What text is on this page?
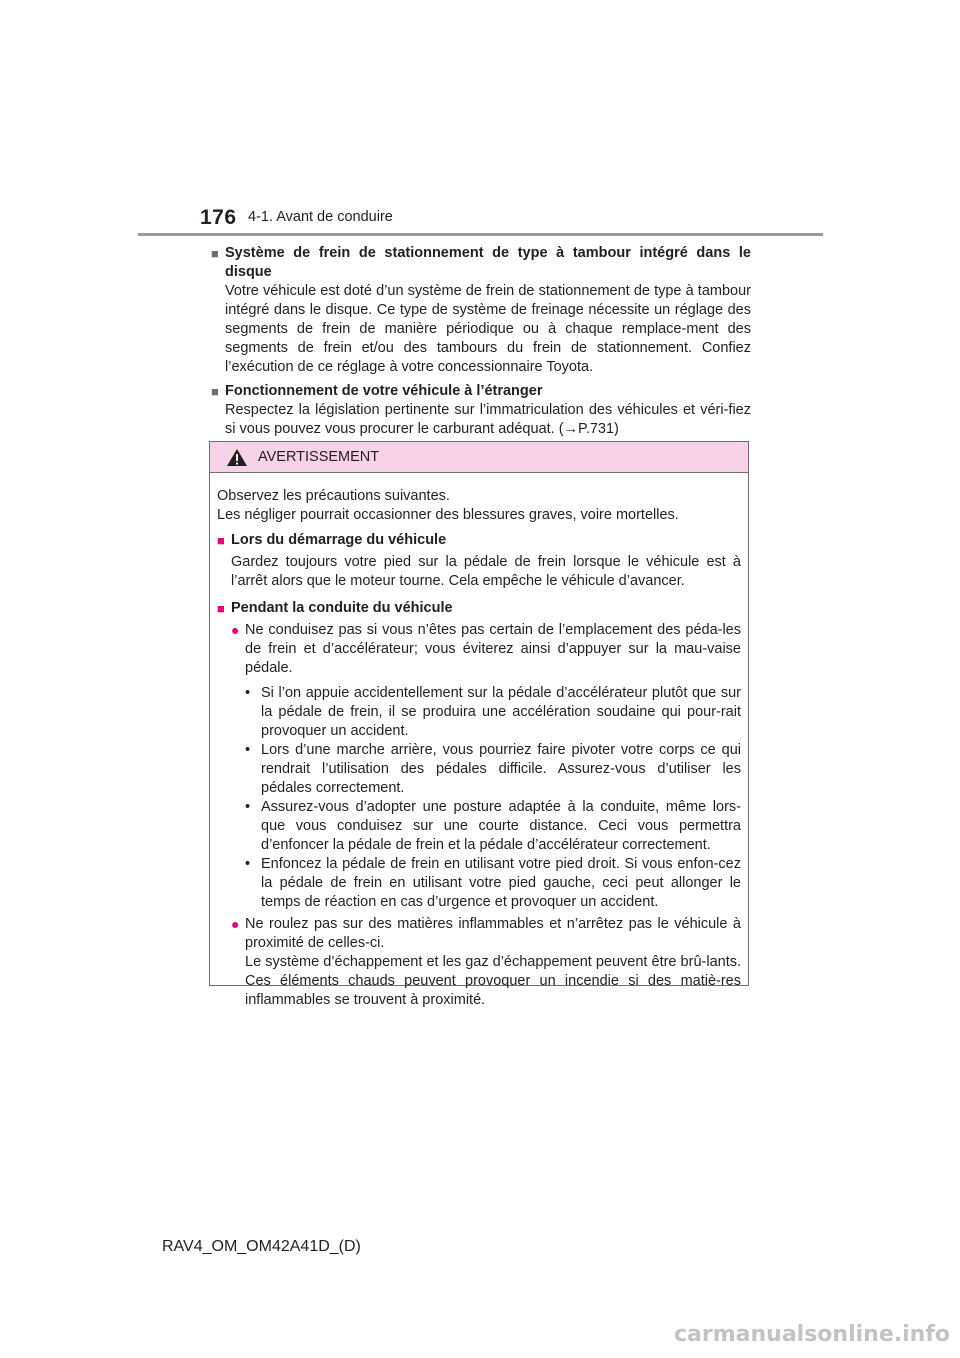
176 4-1. Avant de conduire
■ Système de frein de stationnement de type à tambour intégré dans le disque
Votre véhicule est doté d’un système de frein de stationnement de type à tambour intégré dans le disque. Ce type de système de freinage nécessite un réglage des segments de frein de manière périodique ou à chaque remplace-ment des segments de frein et/ou des tambours du frein de stationnement. Confiez l’exécution de ce réglage à votre concessionnaire Toyota.
■ Fonctionnement de votre véhicule à l’étranger
Respectez la législation pertinente sur l’immatriculation des véhicules et véri-fiez si vous pouvez vous procurer le carburant adéquat. (→P.731)
AVERTISSEMENT
Observez les précautions suivantes.
Les négliger pourrait occasionner des blessures graves, voire mortelles.
■ Lors du démarrage du véhicule
Gardez toujours votre pied sur la pédale de frein lorsque le véhicule est à l’arrêt alors que le moteur tourne. Cela empêche le véhicule d’avancer.
■ Pendant la conduite du véhicule
● Ne conduisez pas si vous n’êtes pas certain de l’emplacement des péda-les de frein et d’accélérateur; vous éviterez ainsi d’appuyer sur la mau-vaise pédale.
• Si l’on appuie accidentellement sur la pédale d’accélérateur plutôt que sur la pédale de frein, il se produira une accélération soudaine qui pour-rait provoquer un accident.
• Lors d’une marche arrière, vous pourriez faire pivoter votre corps ce qui rendrait l’utilisation des pédales difficile. Assurez-vous d’utiliser les pédales correctement.
• Assurez-vous d’adopter une posture adaptée à la conduite, même lors-que vous conduisez sur une courte distance. Ceci vous permettra d’enfoncer la pédale de frein et la pédale d’accélérateur correctement.
• Enfoncez la pédale de frein en utilisant votre pied droit. Si vous enfon-cez la pédale de frein en utilisant votre pied gauche, ceci peut allonger le temps de réaction en cas d’urgence et provoquer un accident.
● Ne roulez pas sur des matières inflammables et n’arrêtez pas le véhicule à proximité de celles-ci.
Le système d’échappement et les gaz d’échappement peuvent être brû-lants. Ces éléments chauds peuvent provoquer un incendie si des matiè-res inflammables se trouvent à proximité.
RAV4_OM_OM42A41D_(D)
carmanualsonline.info
